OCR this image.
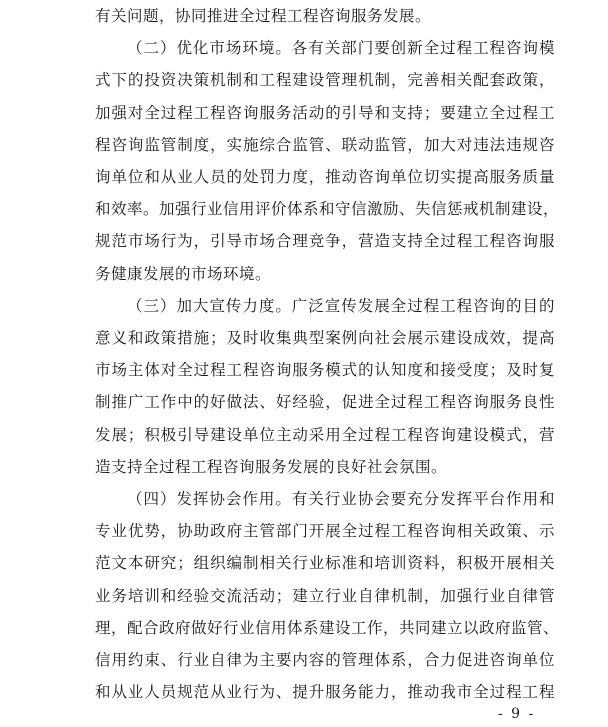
有关问题，协同推进全过程工程咨询服务发展。
（二）优化市场环境。各有关部门要创新全过程工程咨询模
式下的投资决策机制和工程建设管理机制，完善相关配套政策，
加强对全过程工程咨询服务活动的引导和支持；要建立全过程工
程咨询监管制度，实施综合监管、联动监管，加大对违法违规咨
询单位和从业人员的处罚力度，推动咨询单位切实提高服务质量
和效率。加强行业信用评价体系和守信激励、失信惩戒机制建设，
规范市场行为，引导市场合理竞争，营造支持全过程工程咨询服
务健康发展的市场环境。
（三）加大宣传力度。广泛宣传发展全过程工程咨询的目的
意义和政策措施；及时收集典型案例向社会展示建设成效，提高
市场主体对全过程工程咨询服务模式的认知度和接受度；及时复
制推广工作中的好做法、好经验，促进全过程工程咨询服务良性
发展；积极引导建设单位主动采用全过程工程咨询建设模式，营
造支持全过程工程咨询服务发展的良好社会氛围。
（四）发挥协会作用。有关行业协会要充分发挥平台作用和
专业优势，协助政府主管部门开展全过程工程咨询相关政策、示
范文本研究；组织编制相关行业标准和培训资料，积极开展相关
业务培训和经验交流活动；建立行业自律机制，加强行业自律管
理，配合政府做好行业信用体系建设工作，共同建立以政府监管、
信用约束、行业自律为主要内容的管理体系，合力促进咨询单位
和从业人员规范从业行为、提升服务能力，推动我市全过程工程
- 9 -
